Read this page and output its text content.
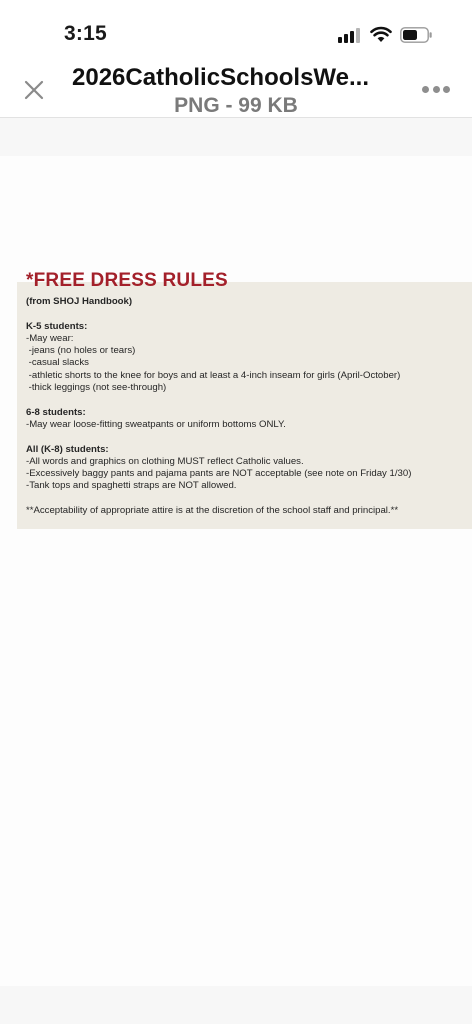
3:15
2026CatholicSchoolsWe...
PNG - 99 KB
*FREE DRESS RULES
(from SHOJ Handbook)
K-5 students:
-May wear:
-jeans (no holes or tears)
-casual slacks
-athletic shorts to the knee for boys and at least a 4-inch inseam for girls (April-October)
-thick leggings (not see-through)
6-8 students:
-May wear loose-fitting sweatpants or uniform bottoms ONLY.
All (K-8) students:
-All words and graphics on clothing MUST reflect Catholic values.
-Excessively baggy pants and pajama pants are NOT acceptable (see note on Friday 1/30)
-Tank tops and spaghetti straps are NOT allowed.
**Acceptability of appropriate attire is at the discretion of the school staff and principal.**
